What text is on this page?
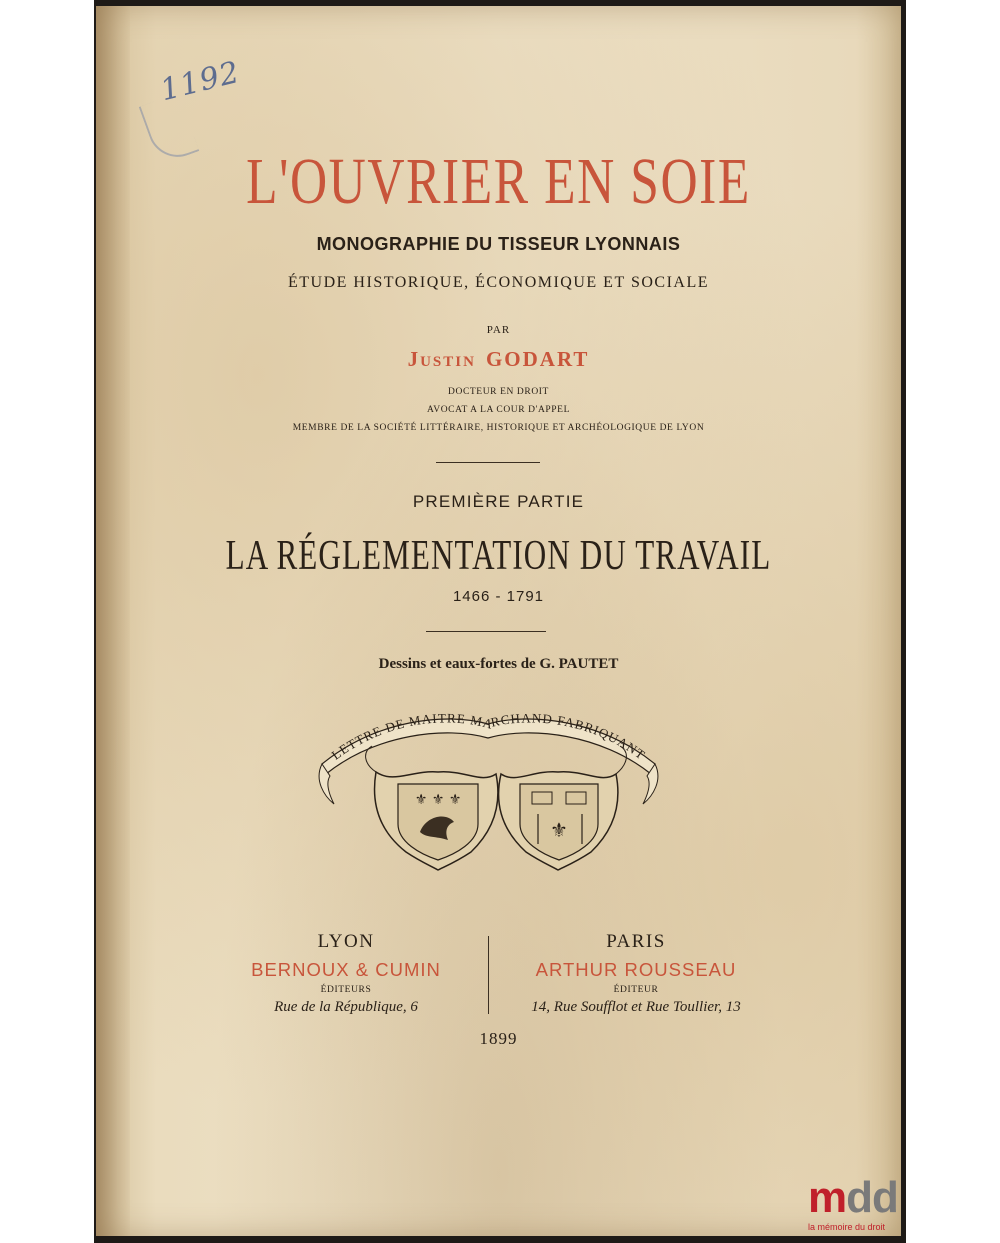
1192
L'OUVRIER EN SOIE
MONOGRAPHIE DU TISSEUR LYONNAIS
ÉTUDE HISTORIQUE, ÉCONOMIQUE ET SOCIALE
PAR
Justin GODART
DOCTEUR EN DROIT
AVOCAT A LA COUR D'APPEL
MEMBRE DE LA SOCIÉTÉ LITTÉRAIRE, HISTORIQUE ET ARCHÉOLOGIQUE DE LYON
PREMIÈRE PARTIE
LA RÉGLEMENTATION DU TRAVAIL
1466 - 1791
Dessins et eaux-fortes de G. PAUTET
LETTRE DE MAITRE MARCHAND FABRIQUANT
⚜ ⚜ ⚜
⚜
LYON
BERNOUX & CUMIN
ÉDITEURS
Rue de la République, 6
PARIS
ARTHUR ROUSSEAU
ÉDITEUR
14, Rue Soufflot et Rue Toullier, 13
1899
mdd
la mémoire du droit
